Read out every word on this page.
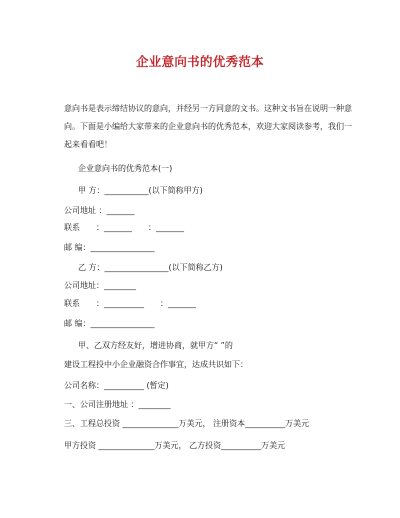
企业意向书的优秀范本
意向书是表示缔结协议的意向，并经另一方同意的文书。这种文书旨在说明一种意向。下面是小编给大家带来的企业意向书的优秀范本，欢迎大家阅读参考，我们一起来看看吧！
企业意向书的优秀范本(一)
甲 方：___________(以下简称甲方)
公司地址 ：_______
联系　　：_______　　：_______
邮 编：________________
乙 方：________________(以下简称乙方)
公司地址：________
联系　　：__________　　：_______
邮 编：________________
甲、乙双方经友好，增进协商，就甲方“ ”的
建设工程投中小企业融资合作事宜，达成共识如下：
公司名称：__________ (暂定)
一、公司注册地址 ：________
三、工程总投资 ______________万美元， 注册资本__________万美元
甲方投资 ______________万美元， 乙方投资__________万美元
